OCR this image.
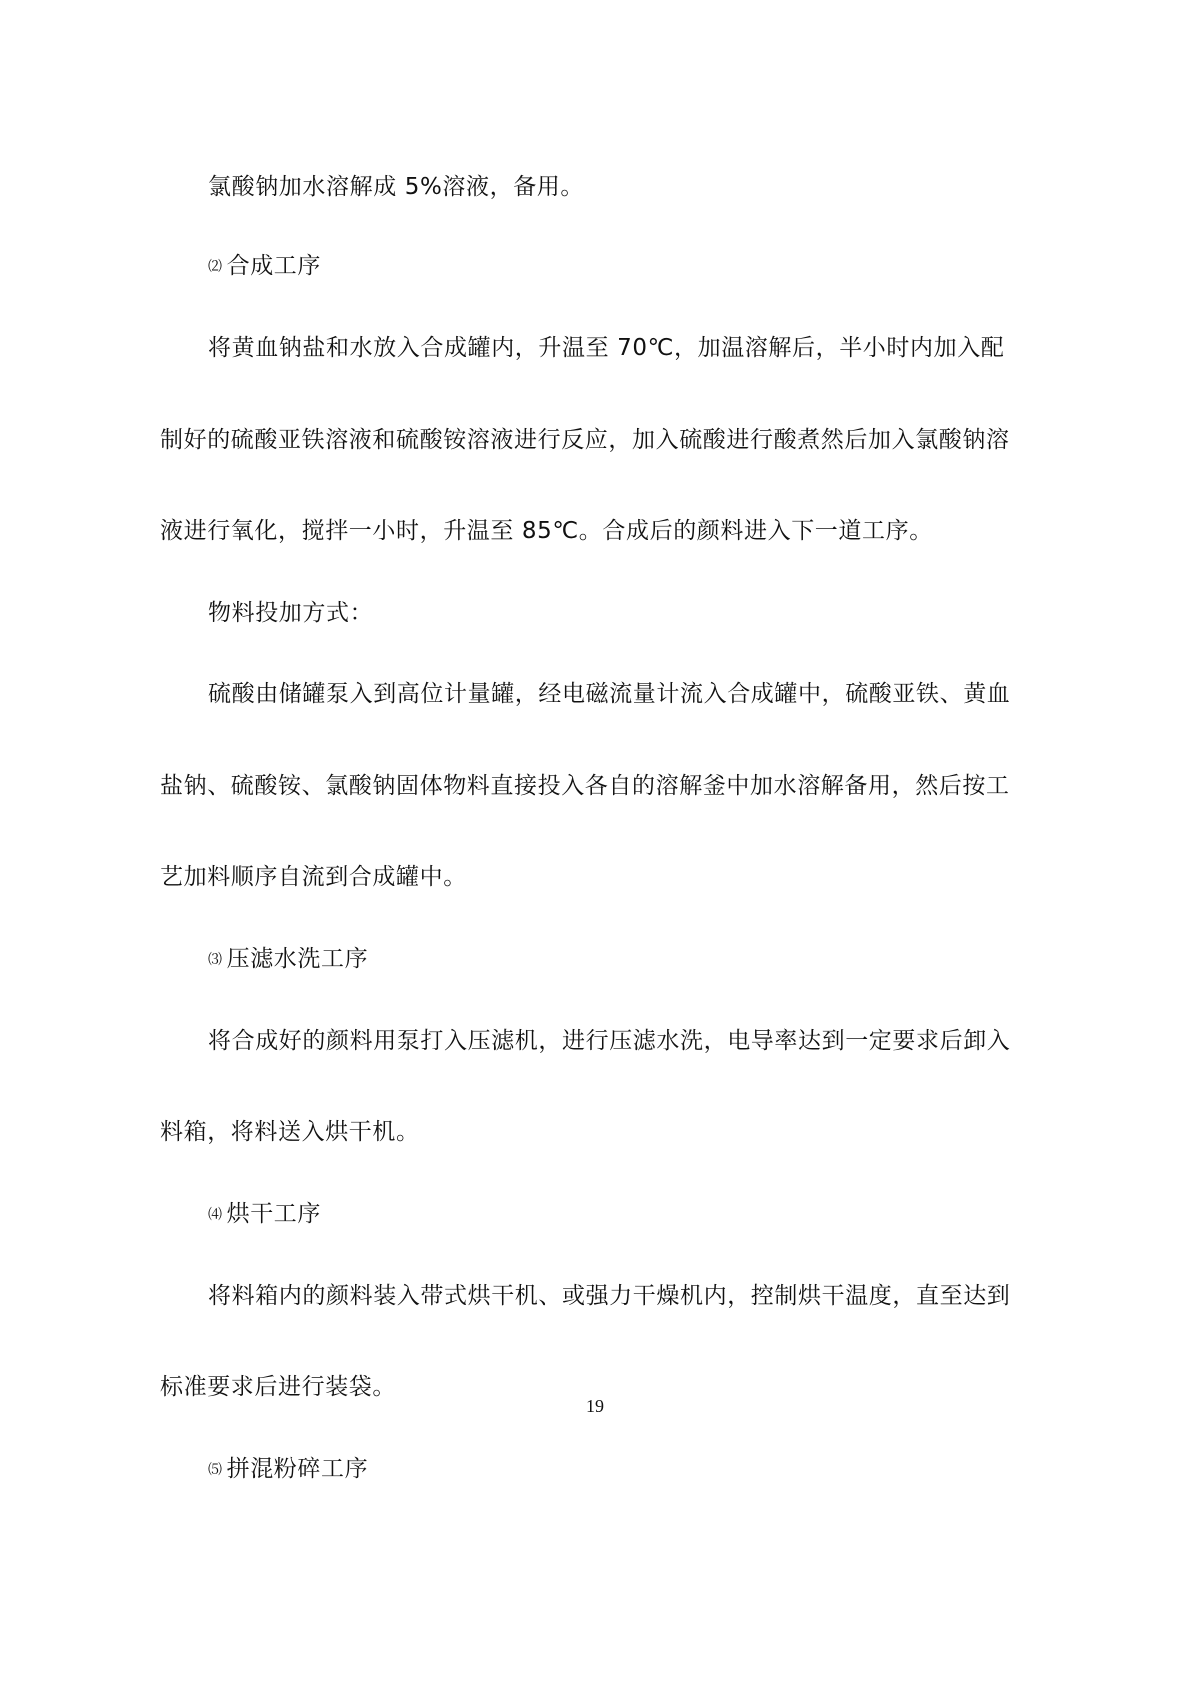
氯酸钠加水溶解成 5%溶液，备用。
⑵ 合成工序
将黄血钠盐和水放入合成罐内，升温至 70℃，加温溶解后，半小时内加入配
制好的硫酸亚铁溶液和硫酸铵溶液进行反应，加入硫酸进行酸煮然后加入氯酸钠溶
液进行氧化，搅拌一小时，升温至 85℃。合成后的颜料进入下一道工序。
物料投加方式：
硫酸由储罐泵入到高位计量罐，经电磁流量计流入合成罐中，硫酸亚铁、黄血
盐钠、硫酸铵、氯酸钠固体物料直接投入各自的溶解釜中加水溶解备用，然后按工
艺加料顺序自流到合成罐中。
⑶ 压滤水洗工序
将合成好的颜料用泵打入压滤机，进行压滤水洗，电导率达到一定要求后卸入
料箱，将料送入烘干机。
⑷ 烘干工序
将料箱内的颜料装入带式烘干机、或强力干燥机内，控制烘干温度，直至达到
标准要求后进行装袋。
19
⑸ 拼混粉碎工序
